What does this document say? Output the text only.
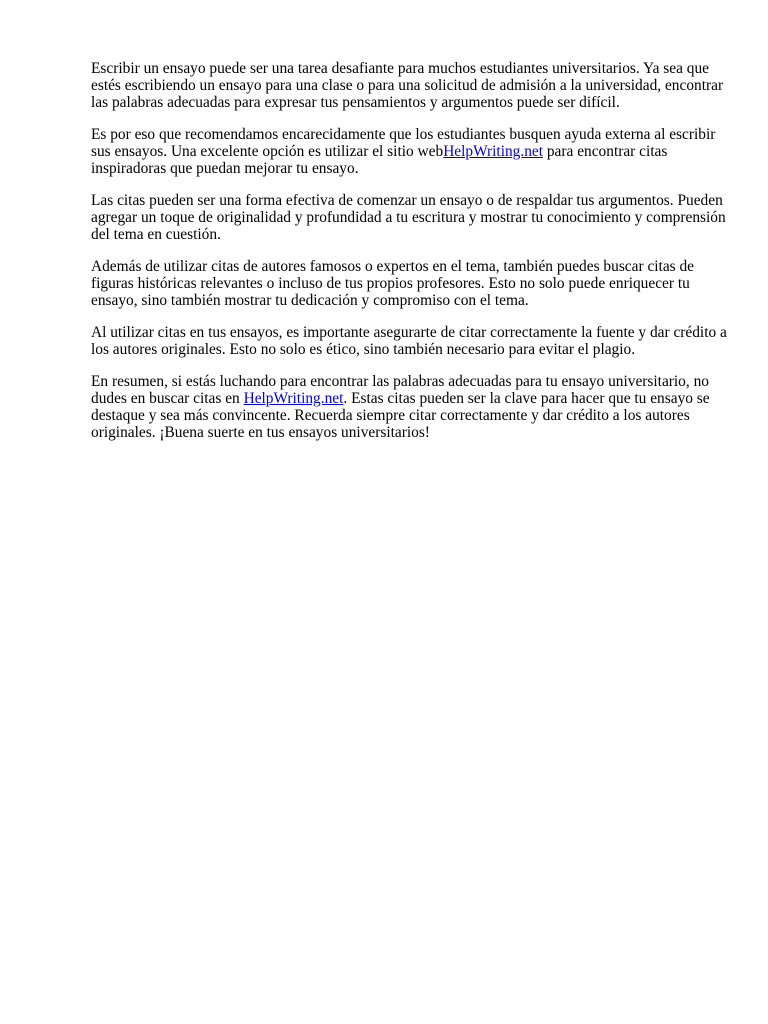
Escribir un ensayo puede ser una tarea desafiante para muchos estudiantes universitarios. Ya sea que estés escribiendo un ensayo para una clase o para una solicitud de admisión a la universidad, encontrar las palabras adecuadas para expresar tus pensamientos y argumentos puede ser difícil.

Es por eso que recomendamos encarecidamente que los estudiantes busquen ayuda externa al escribir sus ensayos. Una excelente opción es utilizar el sitio webHelpWriting.net para encontrar citas inspiradoras que puedan mejorar tu ensayo.

Las citas pueden ser una forma efectiva de comenzar un ensayo o de respaldar tus argumentos. Pueden agregar un toque de originalidad y profundidad a tu escritura y mostrar tu conocimiento y comprensión del tema en cuestión.

Además de utilizar citas de autores famosos o expertos en el tema, también puedes buscar citas de figuras históricas relevantes o incluso de tus propios profesores. Esto no solo puede enriquecer tu ensayo, sino también mostrar tu dedicación y compromiso con el tema.

Al utilizar citas en tus ensayos, es importante asegurarte de citar correctamente la fuente y dar crédito a los autores originales. Esto no solo es ético, sino también necesario para evitar el plagio.

En resumen, si estás luchando para encontrar las palabras adecuadas para tu ensayo universitario, no dudes en buscar citas en HelpWriting.net. Estas citas pueden ser la clave para hacer que tu ensayo se destaque y sea más convincente. Recuerda siempre citar correctamente y dar crédito a los autores originales. ¡Buena suerte en tus ensayos universitarios!
